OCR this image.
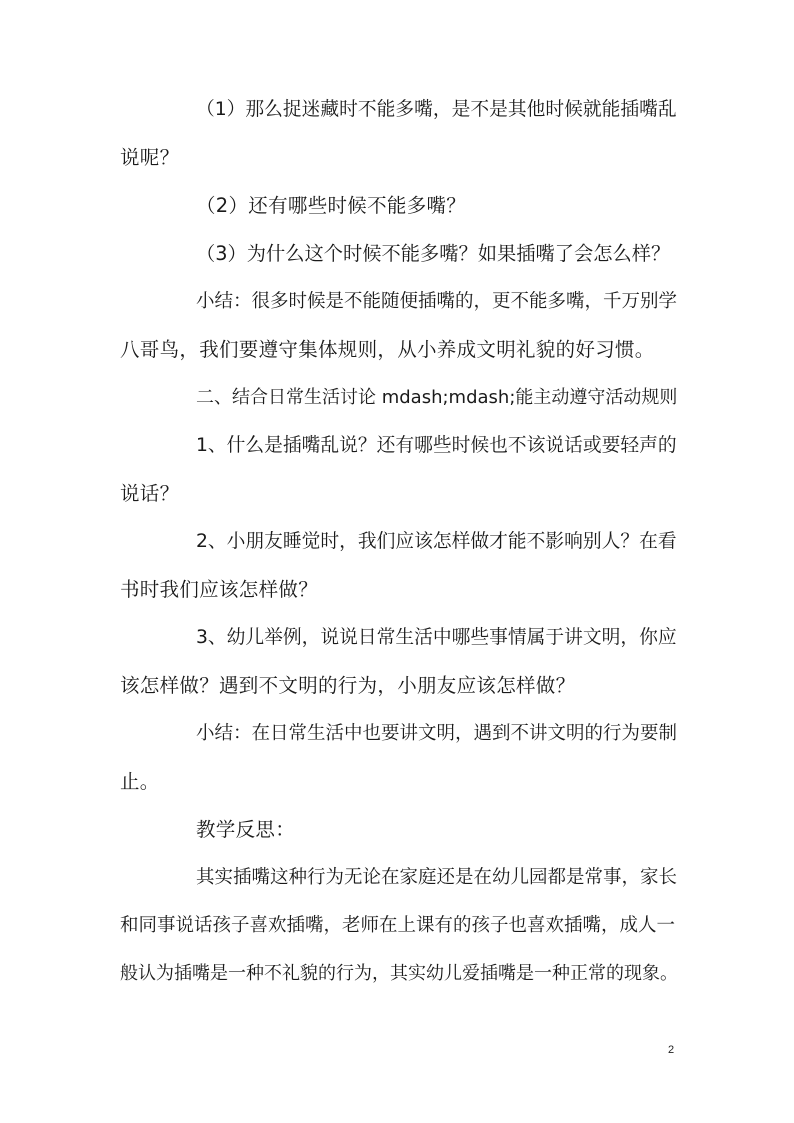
（1）那么捉迷藏时不能多嘴，是不是其他时候就能插嘴乱
说呢？
（2）还有哪些时候不能多嘴？
（3）为什么这个时候不能多嘴？如果插嘴了会怎么样？
小结：很多时候是不能随便插嘴的，更不能多嘴，千万别学
八哥鸟，我们要遵守集体规则，从小养成文明礼貌的好习惯。
二、结合日常生活讨论 mdash;mdash;能主动遵守活动规则
1、什么是插嘴乱说？还有哪些时候也不该说话或要轻声的
说话？
2、小朋友睡觉时，我们应该怎样做才能不影响别人？在看
书时我们应该怎样做？
3、幼儿举例，说说日常生活中哪些事情属于讲文明，你应
该怎样做？遇到不文明的行为，小朋友应该怎样做？
小结：在日常生活中也要讲文明，遇到不讲文明的行为要制
止。
教学反思：
其实插嘴这种行为无论在家庭还是在幼儿园都是常事，家长
和同事说话孩子喜欢插嘴，老师在上课有的孩子也喜欢插嘴，成人一
般认为插嘴是一种不礼貌的行为，其实幼儿爱插嘴是一种正常的现象。
2
